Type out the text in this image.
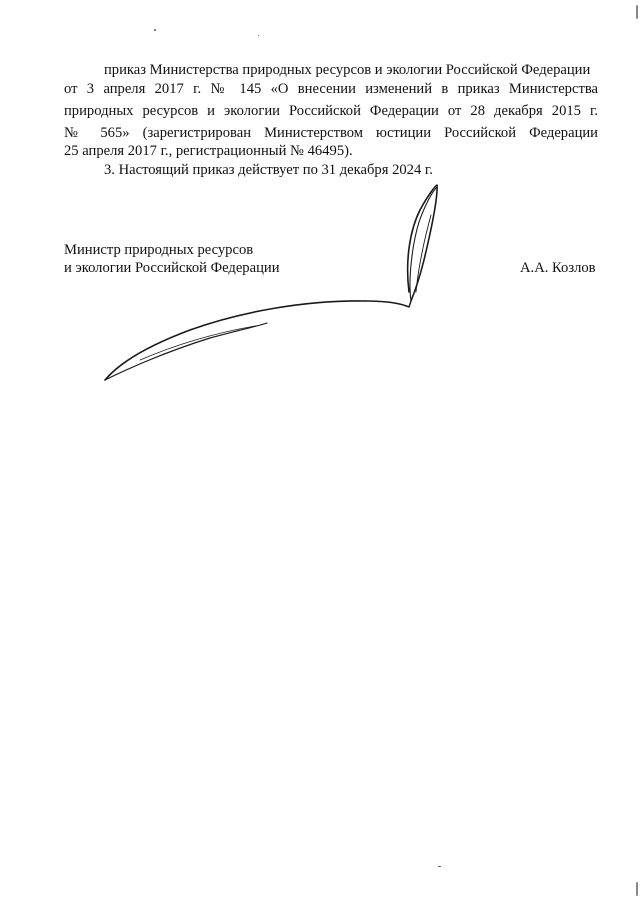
приказ Министерства природных ресурсов и экологии Российской Федерации
от 3 апреля 2017 г. № 145 «О внесении изменений в приказ Министерства
природных ресурсов и экологии Российской Федерации от 28 декабря 2015 г.
№ 565» (зарегистрирован Министерством юстиции Российской Федерации
25 апреля 2017 г., регистрационный № 46495).
3. Настоящий приказ действует по 31 декабря 2024 г.
Министр природных ресурсов
и экологии Российской Федерации	А.А. Козлов
